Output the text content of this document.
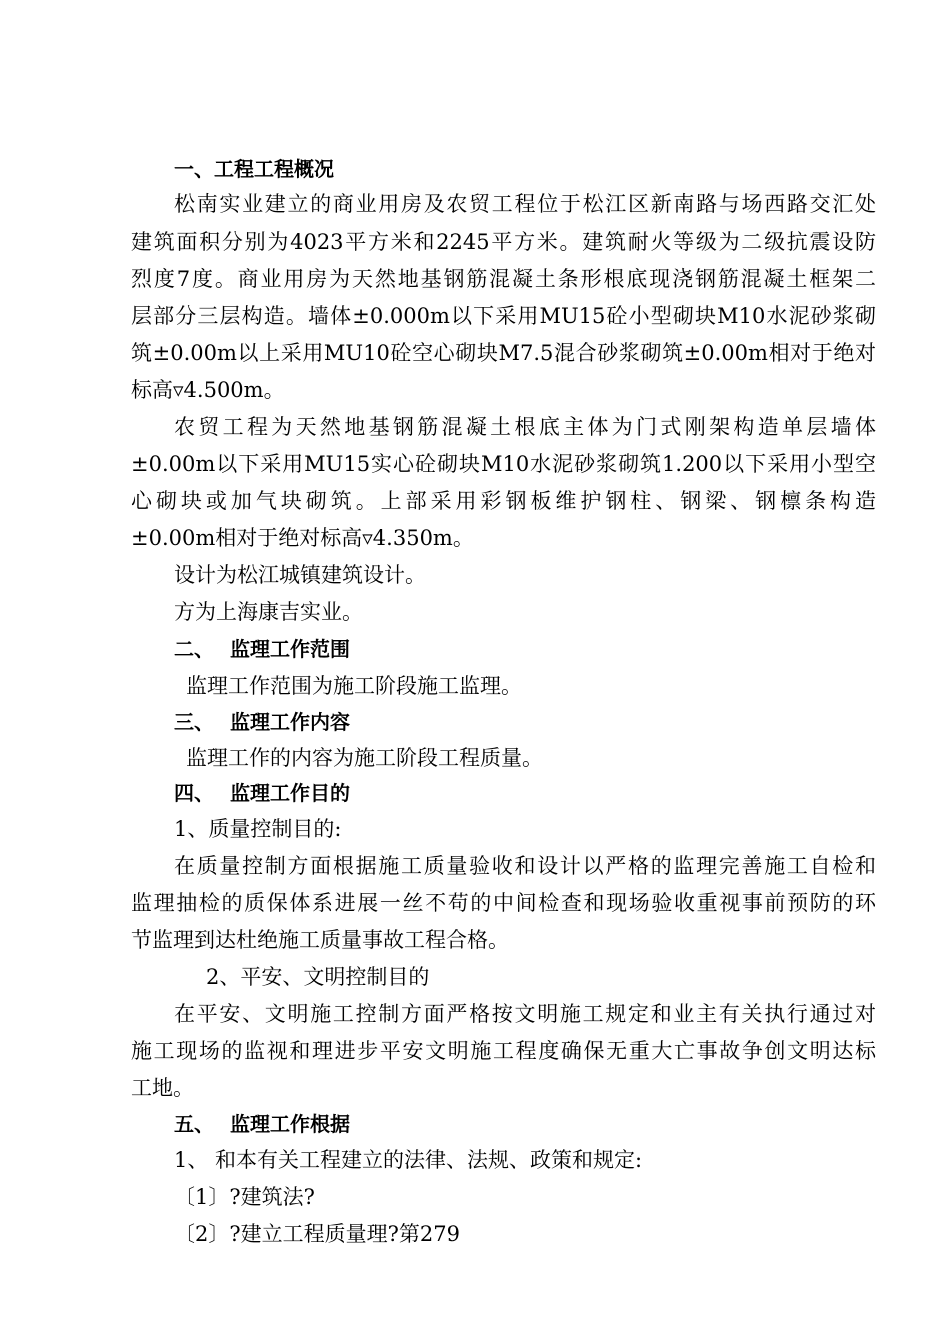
一、工程工程概况
松南实业建立的商业用房及农贸工程位于松江区新南路与场西路交汇处
建筑面积分别为4023平方米和2245平方米。建筑耐火等级为二级抗震设防
烈度7度。商业用房为天然地基钢筋混凝土条形根底现浇钢筋混凝土框架二
层部分三层构造。墙体±0.000m以下采用MU15砼小型砌块M10水泥砂浆砌
筑±0.00m以上采用MU10砼空心砌块M7.5混合砂浆砌筑±0.00m相对于绝对
标高▿4.500m。
农贸工程为天然地基钢筋混凝土根底主体为门式刚架构造单层墙体
±0.00m以下采用MU15实心砼砌块M10水泥砂浆砌筑1.200以下采用小型空
心砌块或加气块砌筑。上部采用彩钢板维护钢柱、钢梁、钢檩条构造
±0.00m相对于绝对标高▿4.350m。
设计为松江城镇建筑设计。
方为上海康吉实业。
二、 监理工作范围
监理工作范围为施工阶段施工监理。
三、 监理工作内容
监理工作的内容为施工阶段工程质量。
四、 监理工作目的
1、质量控制目的:
在质量控制方面根据施工质量验收和设计以严格的监理完善施工自检和
监理抽检的质保体系进展一丝不苟的中间检查和现场验收重视事前预防的环
节监理到达杜绝施工质量事故工程合格。
2、平安、文明控制目的
在平安、文明施工控制方面严格按文明施工规定和业主有关执行通过对
施工现场的监视和理进步平安文明施工程度确保无重大亡事故争创文明达标
工地。
五、 监理工作根据
1、 和本有关工程建立的法律、法规、政策和规定:
〔1〕?建筑法?
〔2〕?建立工程质量理?第279
